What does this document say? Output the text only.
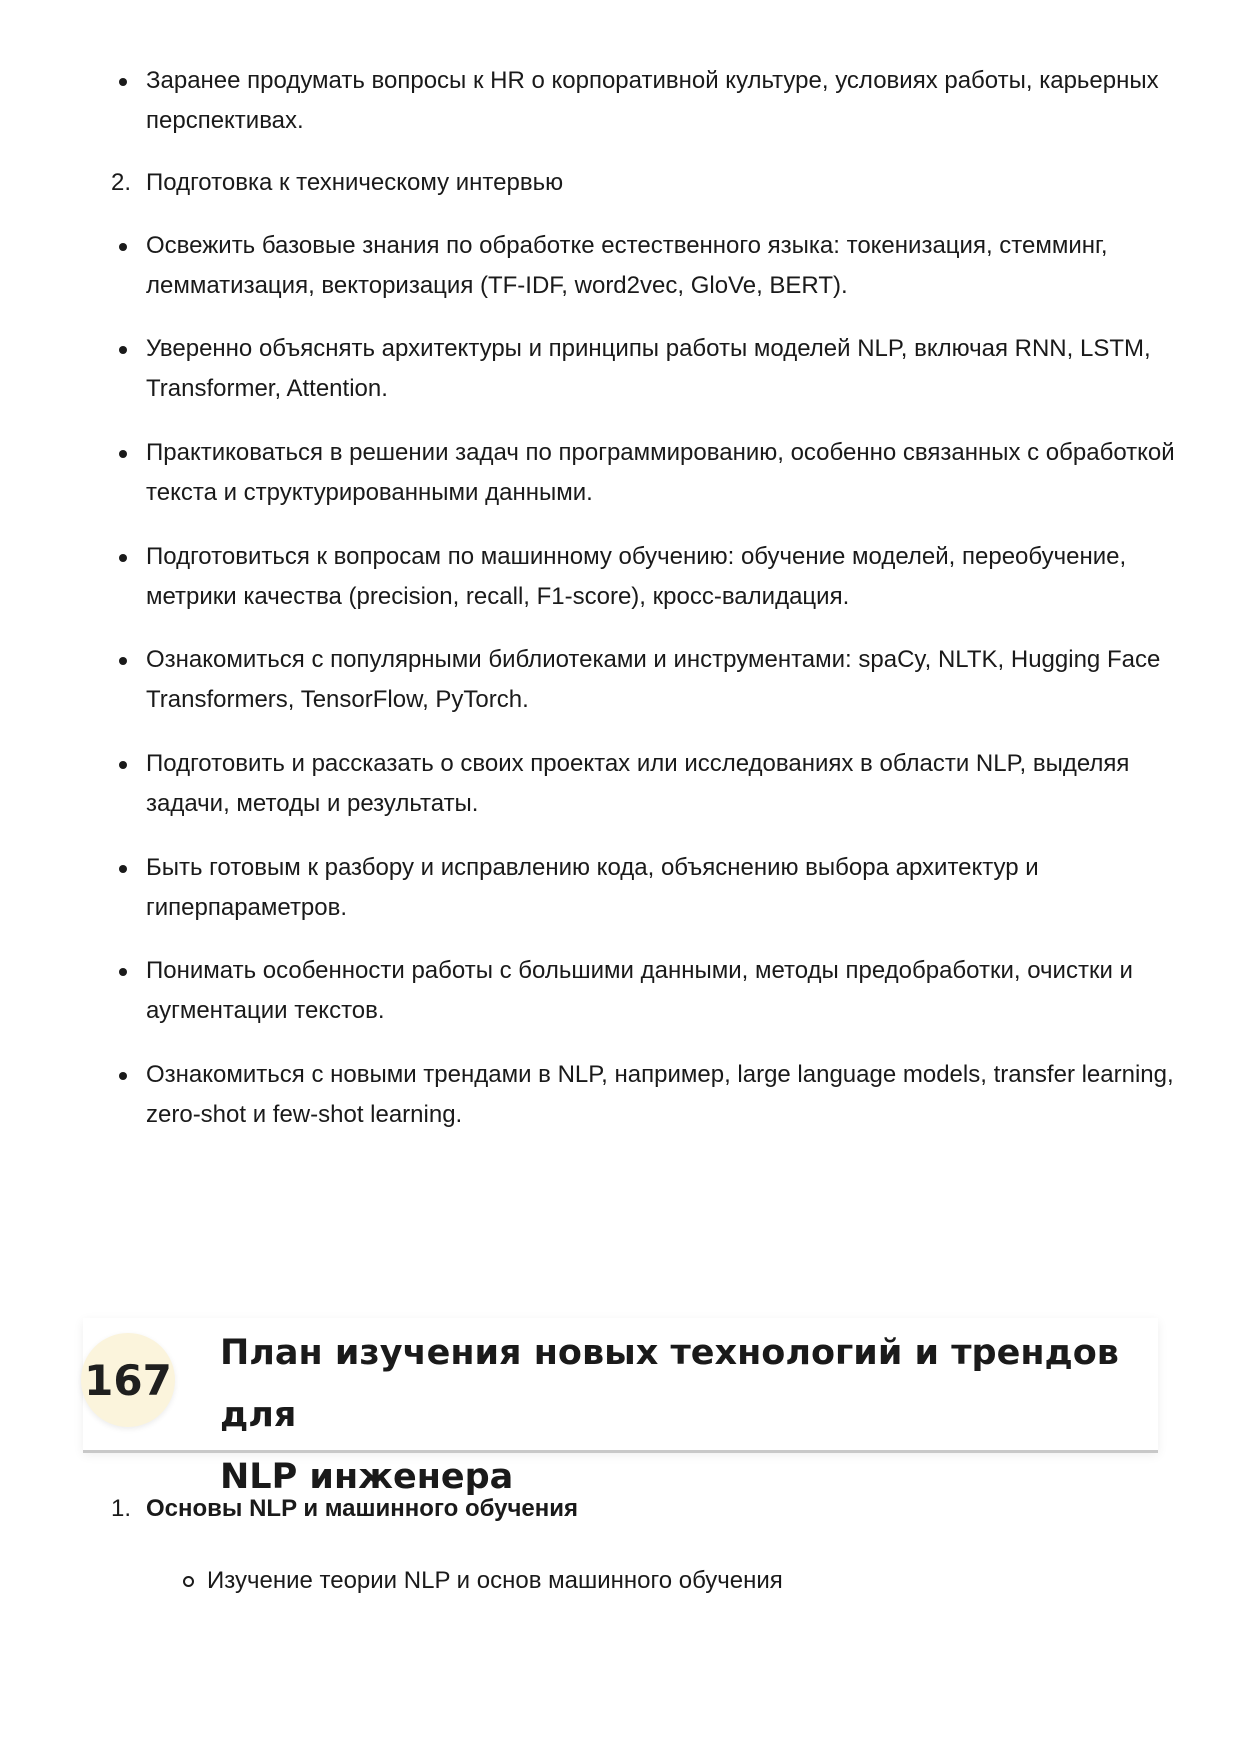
Заранее продумать вопросы к HR о корпоративной культуре, условиях работы, карьерных перспективах.
2. Подготовка к техническому интервью
Освежить базовые знания по обработке естественного языка: токенизация, стемминг, лемматизация, векторизация (TF-IDF, word2vec, GloVe, BERT).
Уверенно объяснять архитектуры и принципы работы моделей NLP, включая RNN, LSTM, Transformer, Attention.
Практиковаться в решении задач по программированию, особенно связанных с обработкой текста и структурированными данными.
Подготовиться к вопросам по машинному обучению: обучение моделей, переобучение, метрики качества (precision, recall, F1-score), кросс-валидация.
Ознакомиться с популярными библиотеками и инструментами: spaCy, NLTK, Hugging Face Transformers, TensorFlow, PyTorch.
Подготовить и рассказать о своих проектах или исследованиях в области NLP, выделяя задачи, методы и результаты.
Быть готовым к разбору и исправлению кода, объяснению выбора архитектур и гиперпараметров.
Понимать особенности работы с большими данными, методы предобработки, очистки и аугментации текстов.
Ознакомиться с новыми трендами в NLP, например, large language models, transfer learning, zero-shot и few-shot learning.
167
План изучения новых технологий и трендов для
NLP инженера
1. Основы NLP и машинного обучения
Изучение теории NLP и основ машинного обучения
